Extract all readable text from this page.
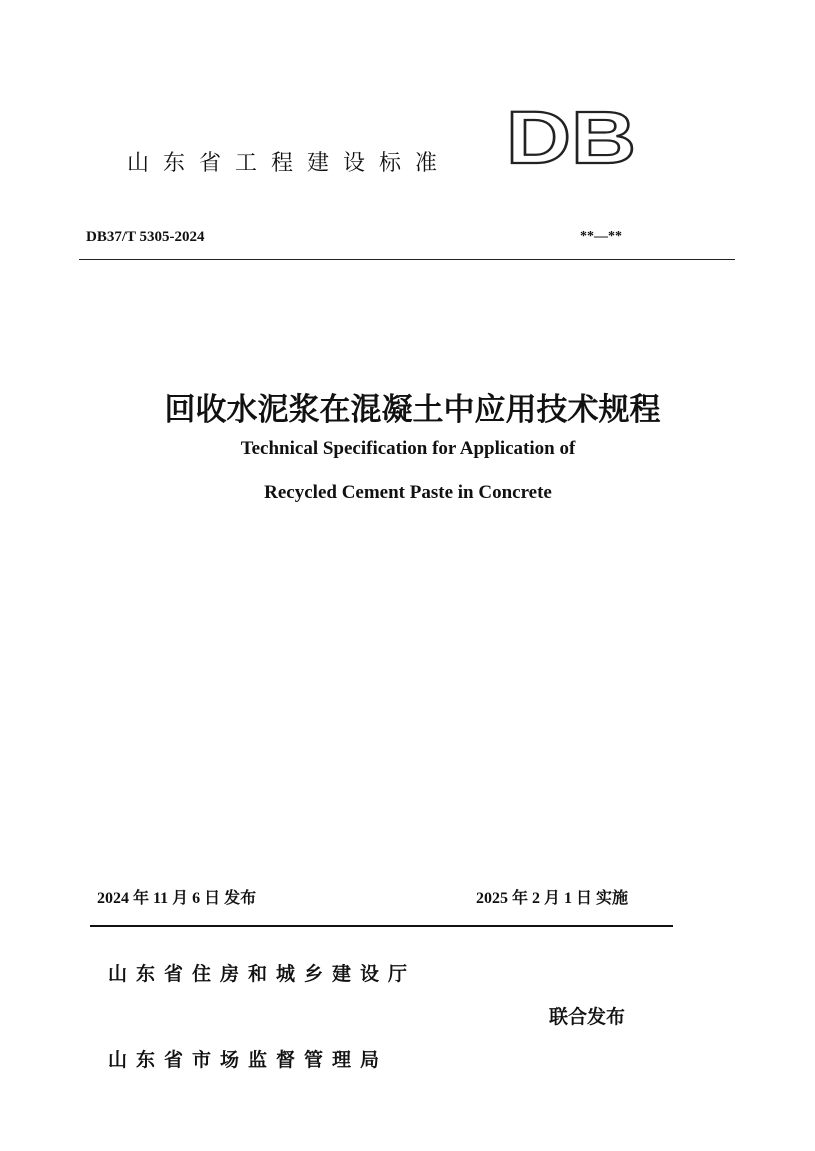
山东省工程建设标准 DB
DB37/T 5305-2024	**—**
回收水泥浆在混凝土中应用技术规程
Technical Specification for Application of
Recycled Cement Paste in Concrete
2024 年 11 月 6 日 发布	2025 年 2 月 1 日 实施
山东省住房和城乡建设厅
联合发布
山东省市场监督管理局
